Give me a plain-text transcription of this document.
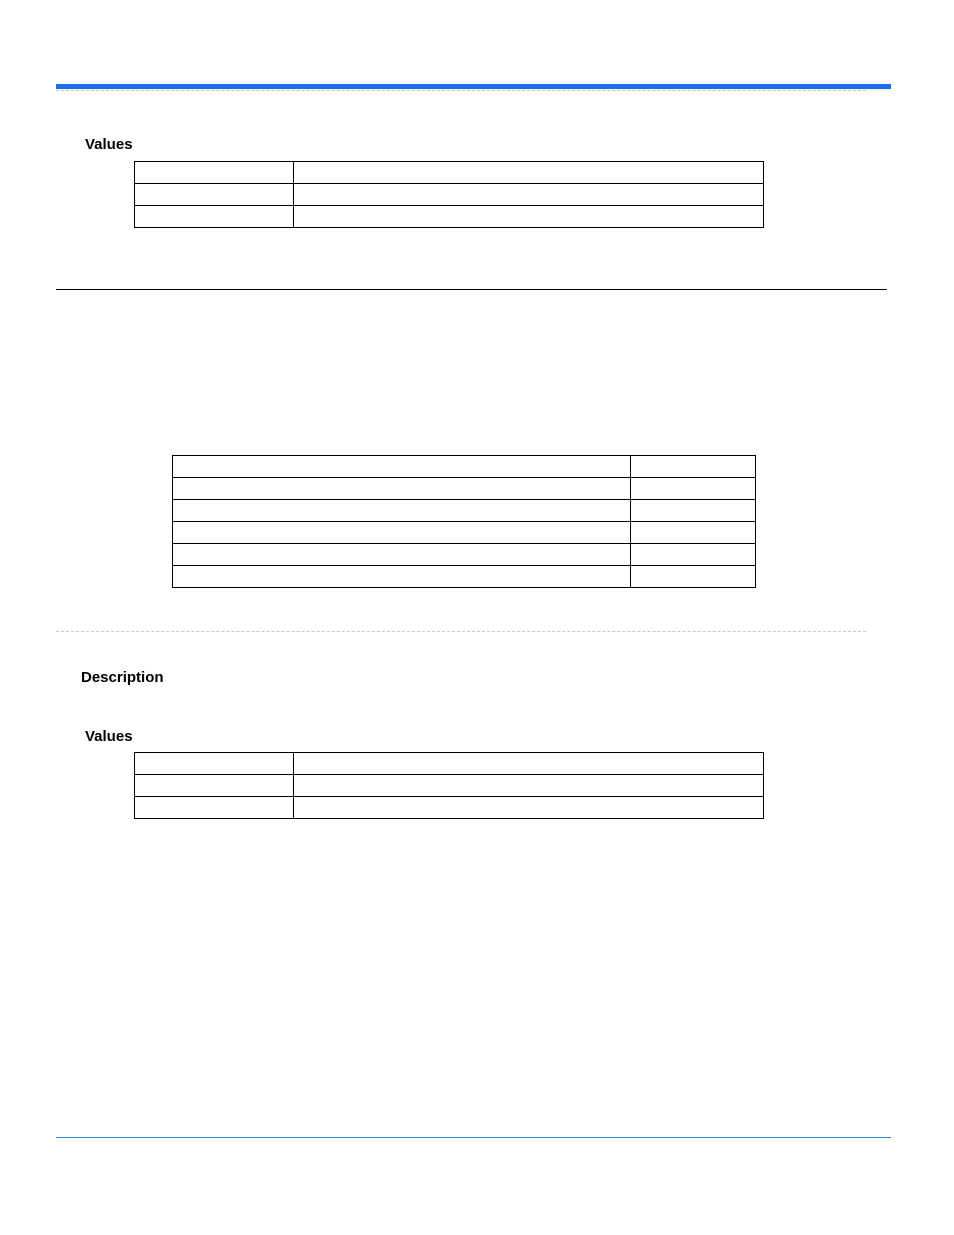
Values

Description
Values
